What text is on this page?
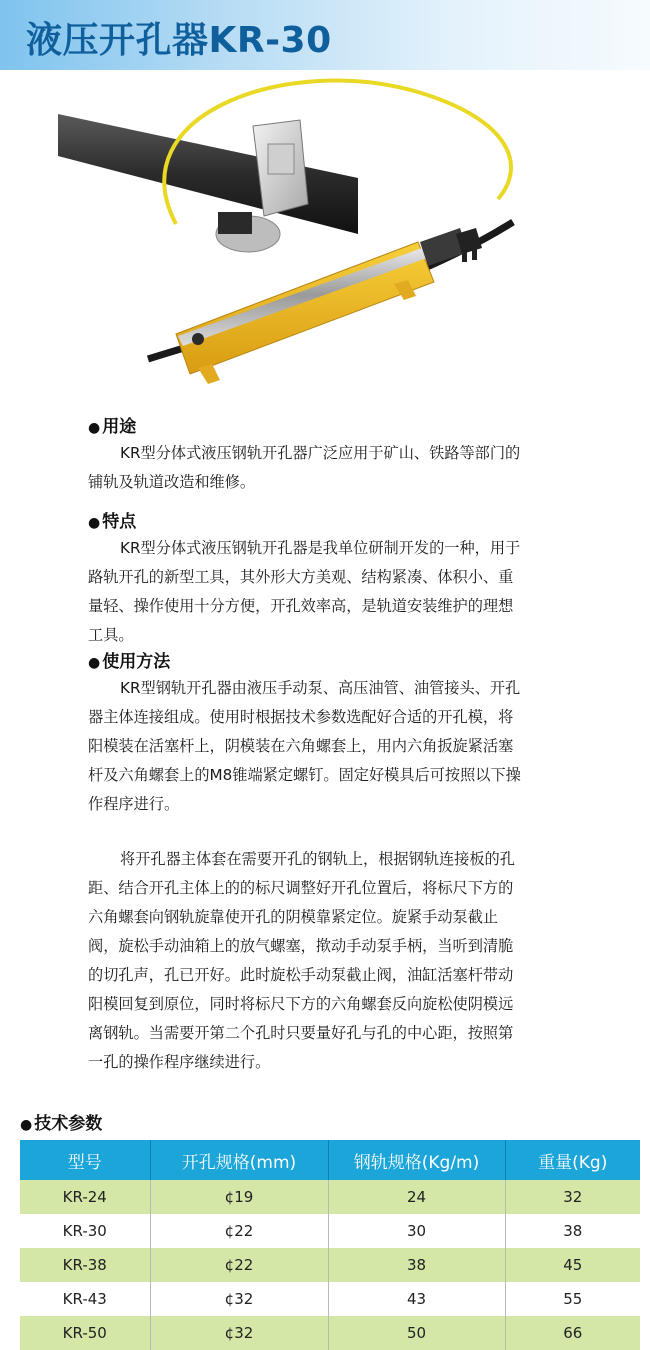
液压开孔器KR-30
● 用途

KR型分体式液压钢轨开孔器广泛应用于矿山、铁路等部门的铺轨及轨道改造和维修。

● 特点

KR型分体式液压钢轨开孔器是我单位研制开发的一种，用于路轨开孔的新型工具，其外形大方美观、结构紧凑、体积小、重量轻、操作使用十分方便，开孔效率高，是轨道安装维护的理想工具。

● 使用方法

KR型钢轨开孔器由液压手动泵、高压油管、油管接头、开孔器主体连接组成。使用时根据技术参数选配好合适的开孔模，将阳模装在活塞杆上，阴模装在六角螺套上，用内六角扳旋紧活塞杆及六角螺套上的M8锥端紧定螺钉。固定好模具后可按照以下操作程序进行。

将开孔器主体套在需要开孔的钢轨上，根据钢轨连接板的孔距、结合开孔主体上的的标尺调整好开孔位置后，将标尺下方的六角螺套向钢轨旋靠使开孔的阴模靠紧定位。旋紧手动泵截止阀，旋松手动油箱上的放气螺塞，揿动手动泵手柄，当听到清脆的切孔声，孔已开好。此时旋松手动泵截止阀，油缸活塞杆带动阳模回复到原位，同时将标尺下方的六角螺套反向旋松使阴模远离钢轨。当需要开第二个孔时只要量好孔与孔的中心距，按照第一孔的操作程序继续进行。

● 技术参数
型号	开孔规格(mm)	钢轨规格(Kg/m)	重量(Kg)
KR-24	¢19	24	32
KR-30	¢22	30	38
KR-38	¢22	38	45
KR-43	¢32	43	55
KR-50	¢32	50	66
